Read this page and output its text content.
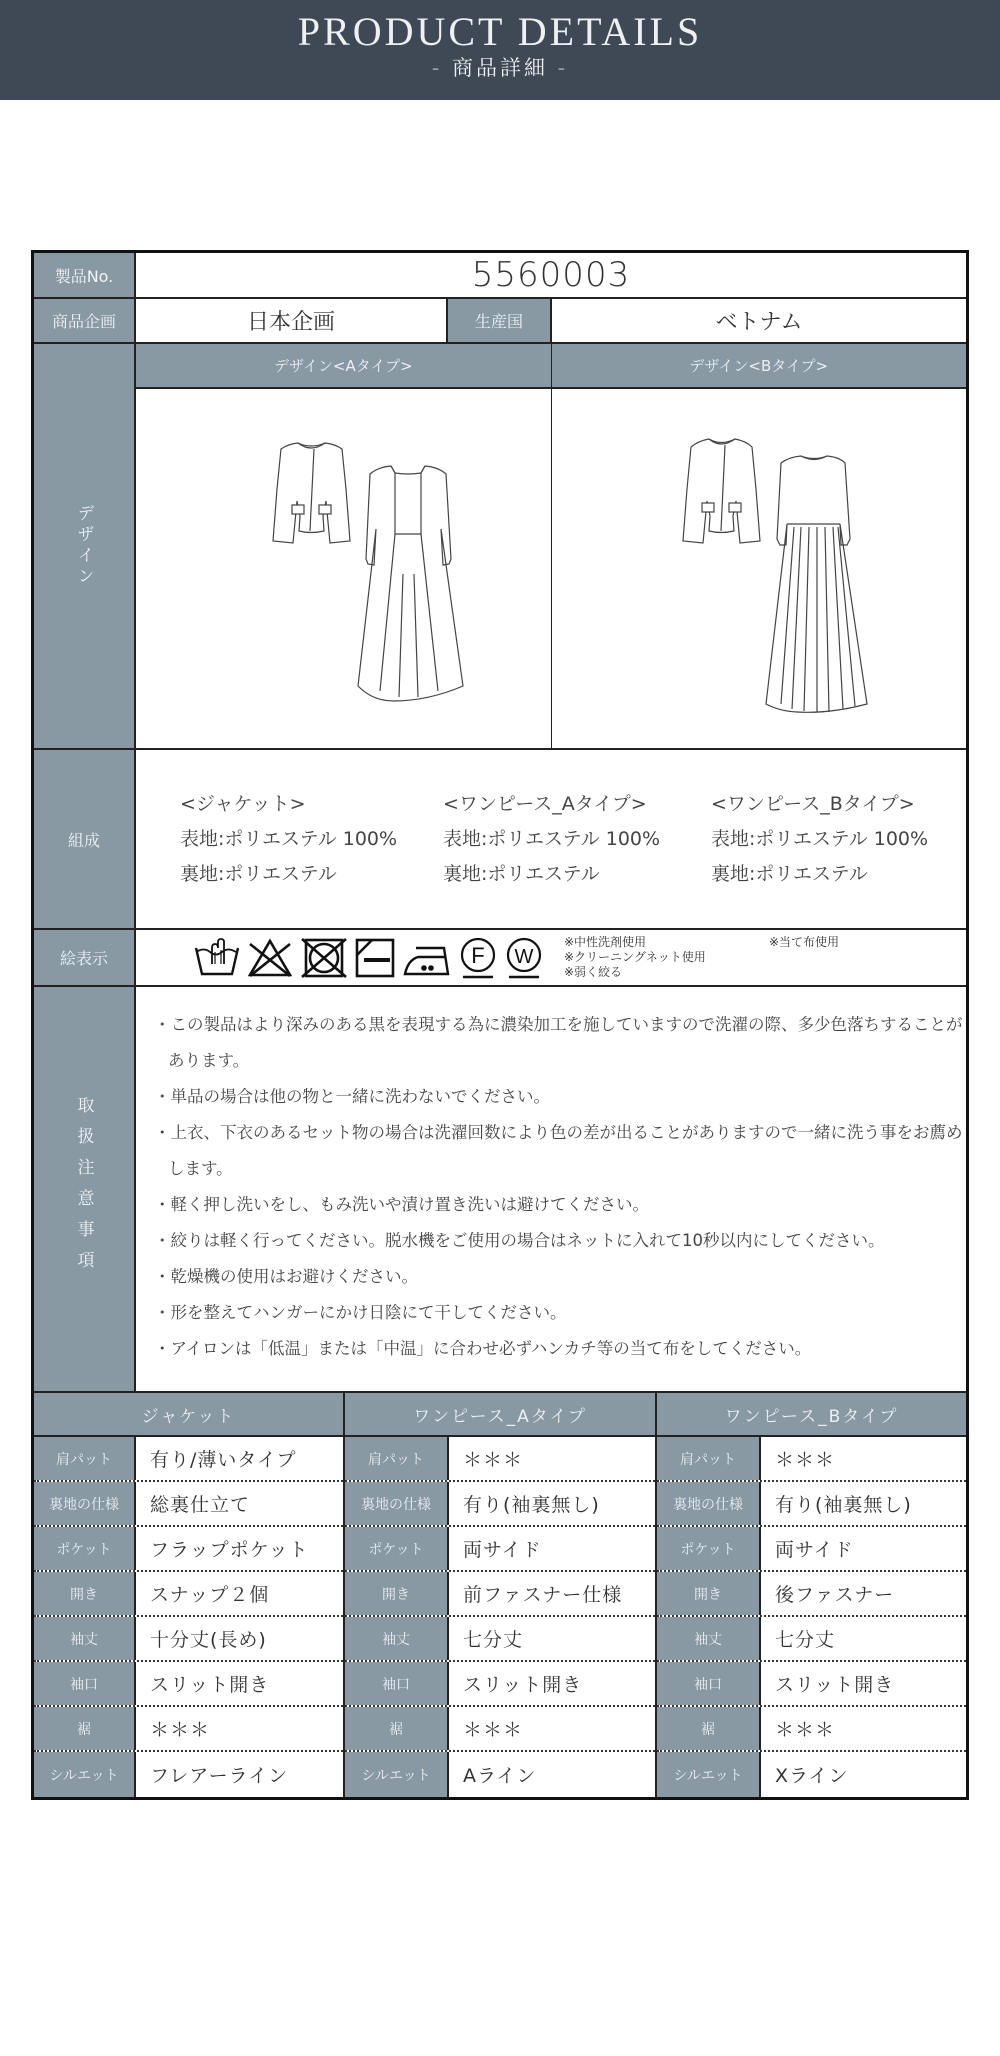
PRODUCT DETAILS
- 商品詳細 -
製品No.	5560003
商品企画	日本企画	生産国	ベトナム
デザイン
デザイン<Aタイプ>	デザイン<Bタイプ>
組成
<ジャケット>
表地:ポリエステル 100%
裏地:ポリエステル
<ワンピース_Aタイプ>
表地:ポリエステル 100%
裏地:ポリエステル
<ワンピース_Bタイプ>
表地:ポリエステル 100%
裏地:ポリエステル
絵表示	F W
※中性洗剤使用	※当て布使用
※クリーニングネット使用
※弱く絞る
取扱注意事項
・この製品はより深みのある黒を表現する為に濃染加工を施していますので洗濯の際、多少色落ちすることがあります。
・単品の場合は他の物と一緒に洗わないでください。
・上衣、下衣のあるセット物の場合は洗濯回数により色の差が出ることがありますので一緒に洗う事をお薦めします。
・軽く押し洗いをし、もみ洗いや漬け置き洗いは避けてください。
・絞りは軽く行ってください。脱水機をご使用の場合はネットに入れて10秒以内にしてください。
・乾燥機の使用はお避けください。
・形を整えてハンガーにかけ日陰にて干してください。
・アイロンは「低温」または「中温」に合わせ必ずハンカチ等の当て布をしてください。
ジャケット
肩パット	有り/薄いタイプ
裏地の仕様	総裏仕立て
ポケット	フラップポケット
開き	スナップ２個
袖丈	十分丈(長め)
袖口	スリット開き
裾	＊＊＊
シルエット	フレアーライン
ワンピース_Aタイプ
肩パット	＊＊＊
裏地の仕様	有り(袖裏無し)
ポケット	両サイド
開き	前ファスナー仕様
袖丈	七分丈
袖口	スリット開き
裾	＊＊＊
シルエット	Aライン
ワンピース_Bタイプ
肩パット	＊＊＊
裏地の仕様	有り(袖裏無し)
ポケット	両サイド
開き	後ファスナー
袖丈	七分丈
袖口	スリット開き
裾	＊＊＊
シルエット	Xライン
